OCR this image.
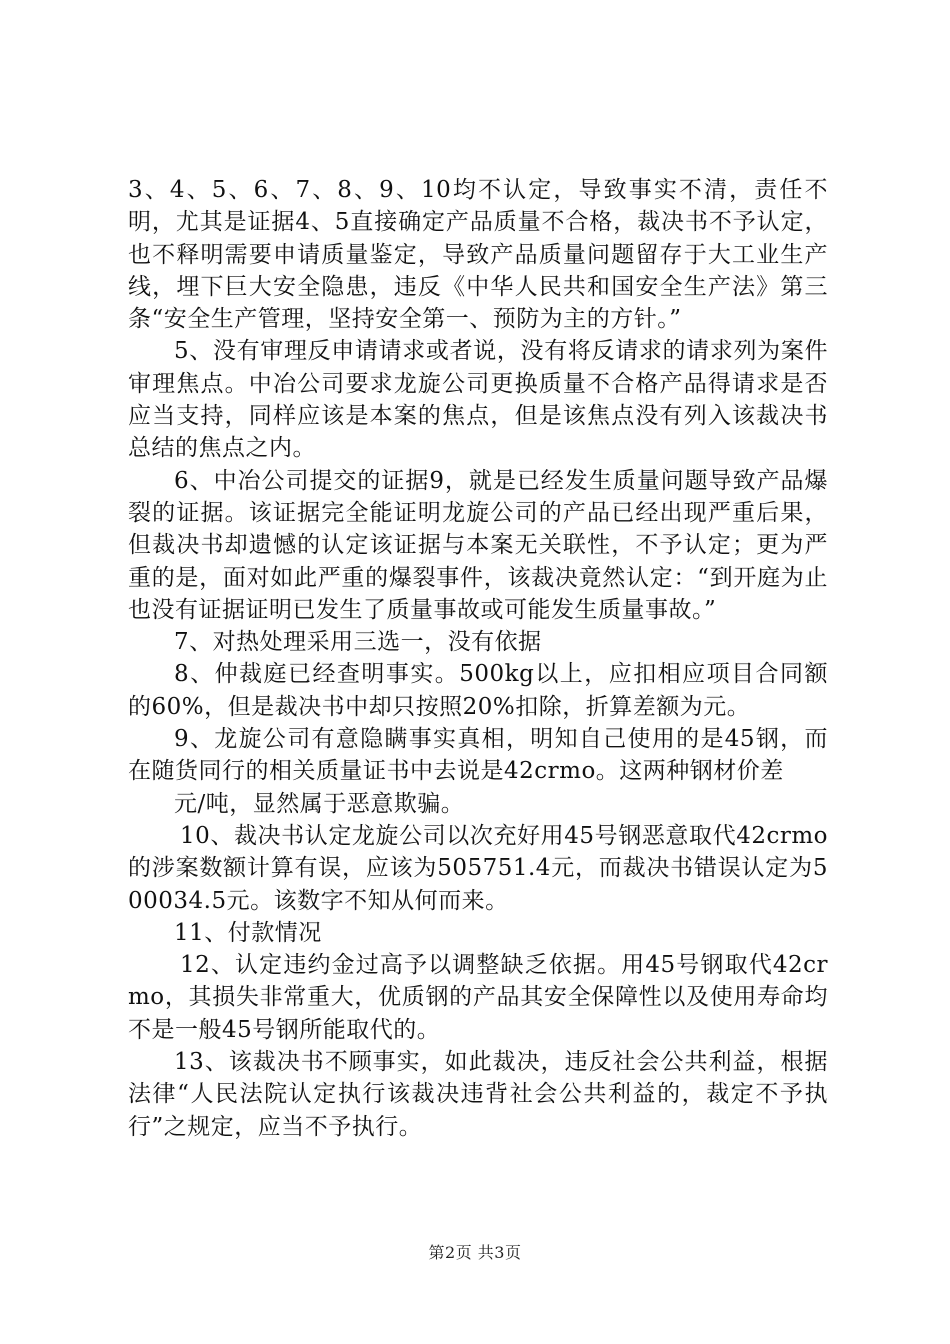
3、4、5、6、7、8、9、10均不认定，导致事实不清，责任不明，尤其是证据4、5直接确定产品质量不合格，裁决书不予认定，也不释明需要申请质量鉴定，导致产品质量问题留存于大工业生产线，埋下巨大安全隐患，违反《中华人民共和国安全生产法》第三条“安全生产管理，坚持安全第一、预防为主的方针。”

5、没有审理反申请请求或者说，没有将反请求的请求列为案件审理焦点。中冶公司要求龙旋公司更换质量不合格产品得请求是否应当支持，同样应该是本案的焦点，但是该焦点没有列入该裁决书总结的焦点之内。

6、中冶公司提交的证据9，就是已经发生质量问题导致产品爆裂的证据。该证据完全能证明龙旋公司的产品已经出现严重后果，但裁决书却遗憾的认定该证据与本案无关联性，不予认定；更为严重的是，面对如此严重的爆裂事件，该裁决竟然认定：“到开庭为止也没有证据证明已发生了质量事故或可能发生质量事故。”

7、对热处理采用三选一，没有依据

8、仲裁庭已经查明事实。500kg以上，应扣相应项目合同额的60%，但是裁决书中却只按照20%扣除，折算差额为元。

9、龙旋公司有意隐瞒事实真相，明知自己使用的是45钢，而在随货同行的相关质量证书中去说是42crmo。这两种钢材价差

元/吨，显然属于恶意欺骗。

10、裁决书认定龙旋公司以次充好用45号钢恶意取代42crmo的涉案数额计算有误，应该为505751.4元，而裁决书错误认定为500034.5元。该数字不知从何而来。

11、付款情况

12、认定违约金过高予以调整缺乏依据。用45号钢取代42crmo，其损失非常重大，优质钢的产品其安全保障性以及使用寿命均不是一般45号钢所能取代的。

13、该裁决书不顾事实，如此裁决，违反社会公共利益，根据法律“人民法院认定执行该裁决违背社会公共利益的，裁定不予执行”之规定，应当不予执行。

第2页 共3页
